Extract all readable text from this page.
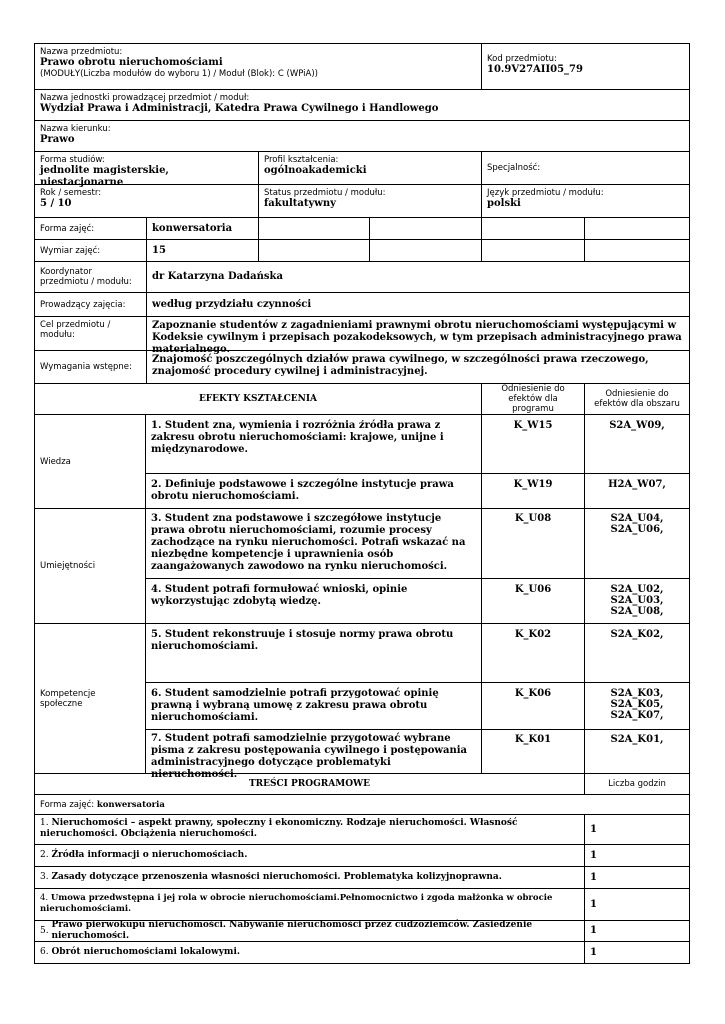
Nazwa przedmiotu:
Prawo obrotu nieruchomościami
(MODUŁY(Liczba modułów do wyboru 1) / Moduł (Blok): C (WPiA))
Kod przedmiotu:
10.9V27AII05_79
Nazwa jednostki prowadzącej przedmiot / moduł:
Wydział Prawa i Administracji, Katedra Prawa Cywilnego i Handlowego
Nazwa kierunku:
Prawo
Forma studiów:
jednolite magisterskie, niestacjonarne
Profil kształcenia:
ogólnoakademicki	Specjalność:
Rok / semestr:
5 / 10
Status przedmiotu / modułu:
fakultatywny
Język przedmiotu / modułu:
polski
Forma zajęć:	konwersatoria
Wymiar zajęć:	15
Koordynator przedmiotu / modułu:	dr Katarzyna Dadańska
Prowadzący zajęcia:	według przydziału czynności
Cel przedmiotu / modułu:
Zapoznanie studentów z zagadnieniami prawnymi obrotu nieruchomościami występującymi w Kodeksie cywilnym i przepisach pozakodeksowych, w tym przepisach administracyjnego prawa materialnego.
Wymagania wstępne:
Znajomość poszczególnych działów prawa cywilnego, w szczególności prawa rzeczowego, znajomość procedury cywilnej i administracyjnej.
EFEKTY KSZTAŁCENIA
Odniesienie do efektów dla programu
Odniesienie do efektów dla obszaru
Wiedza
1. Student zna, wymienia i rozróżnia źródła prawa z zakresu obrotu nieruchomościami: krajowe, unijne i międzynarodowe.
K_W15	S2A_W09,
2. Definiuje podstawowe i szczególne instytucje prawa obrotu nieruchomościami.
K_W19	H2A_W07,
Umiejętności
3. Student zna podstawowe i szczegółowe instytucje prawa obrotu nieruchomościami, rozumie procesy zachodzące na rynku nieruchomości. Potrafi wskazać na niezbędne kompetencje i uprawnienia osób zaangażowanych zawodowo na rynku nieruchomości.
K_U08	S2A_U04,
S2A_U06,
4. Student potrafi formułować wnioski, opinie wykorzystując zdobytą wiedzę.
K_U06	S2A_U02,
S2A_U03,
S2A_U08,
Kompetencje społeczne
5. Student rekonstruuje i stosuje normy prawa obrotu nieruchomościami.
K_K02	S2A_K02,
6. Student samodzielnie potrafi przygotować opinię prawną i wybraną umowę z zakresu prawa obrotu nieruchomościami.
K_K06	S2A_K03,
S2A_K05,
S2A_K07,
7. Student potrafi samodzielnie przygotować wybrane pisma z zakresu postępowania cywilnego i postępowania administracyjnego dotyczące problematyki nieruchomości.
K_K01	S2A_K01,
TREŚCI PROGRAMOWE	Liczba godzin
Forma zajęć:
konwersatoria
1. Nieruchomości – aspekt prawny, społeczny i ekonomiczny. Rodzaje nieruchomości. Własność nieruchomości. Obciążenia nieruchomości.	1
2.
Źródła informacji o nieruchomościach.	1
3.
Zasady dotyczące przenoszenia własności nieruchomości. Problematyka kolizyjnoprawna.	1
4. Umowa przedwstępna i jej rola w obrocie nieruchomościami.Pełnomocnictwo i zgoda małżonka w obrocie nieruchomościami.	1
5.

Prawo pierwokupu nieruchomości. Nabywanie nieruchomości przez cudzoziemców. Zasiedzenie nieruchomości.	1
6.
Obrót nieruchomościami lokalowymi.	1
